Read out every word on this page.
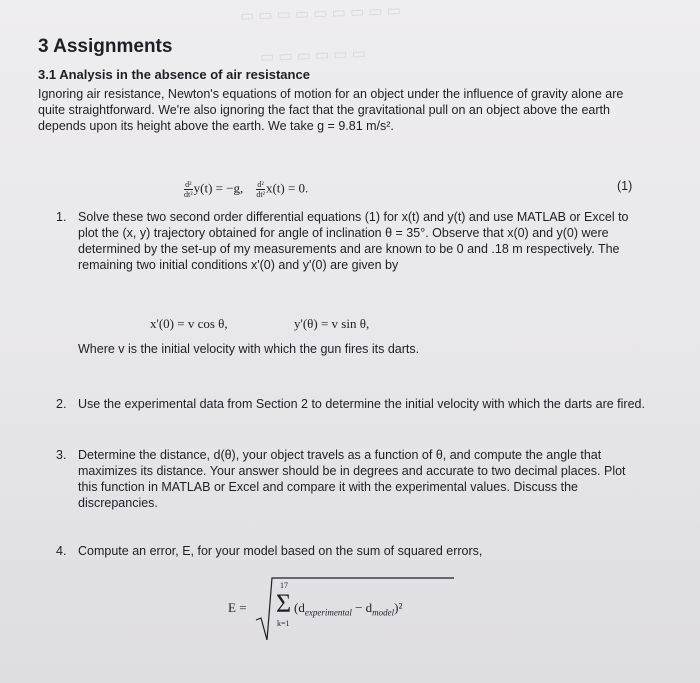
▭ ▭ ▭ ▭ ▭ ▭ ▭ ▭ ▭
▭ ▭ ▭ ▭ ▭ ▭
3 Assignments
3.1 Analysis in the absence of air resistance
Ignoring air resistance, Newton's equations of motion for an object under the influence of gravity alone are quite straightforward. We're also ignoring the fact that the gravitational pull on an object above the earth depends upon its height above the earth. We take g = 9.81 m/s².
$\frac{\text{d²}}{\text{dt²}} y(t) = -g$, $\frac{\text{d²}}{\text{dt²}} x(t) = 0$.	(1)
1. Solve these two second order differential equations (1) for x(t) and y(t) and use MATLAB or Excel to plot the (x, y) trajectory obtained for angle of inclination θ = 35°. Observe that x(0) and y(0) were determined by the set-up of my measurements and are known to be 0 and .18 m respectively. The remaining two initial conditions x'(0) and y'(0) are given by
x'(0) = v cos θ,	y'(θ) = v sin θ,
Where v is the initial velocity with which the gun fires its darts.
2. Use the experimental data from Section 2 to determine the initial velocity with which the darts are fired.
3. Determine the distance, d(θ), your object travels as a function of θ, and compute the angle that maximizes its distance. Your answer should be in degrees and accurate to two decimal places. Plot this function in MATLAB or Excel and compare it with the experimental values. Discuss the discrepancies.
4. Compute an error, E, for your model based on the sum of squared errors,
E =
17
Σ
k=1
$(d_{experimental} - d_{model})^2$
